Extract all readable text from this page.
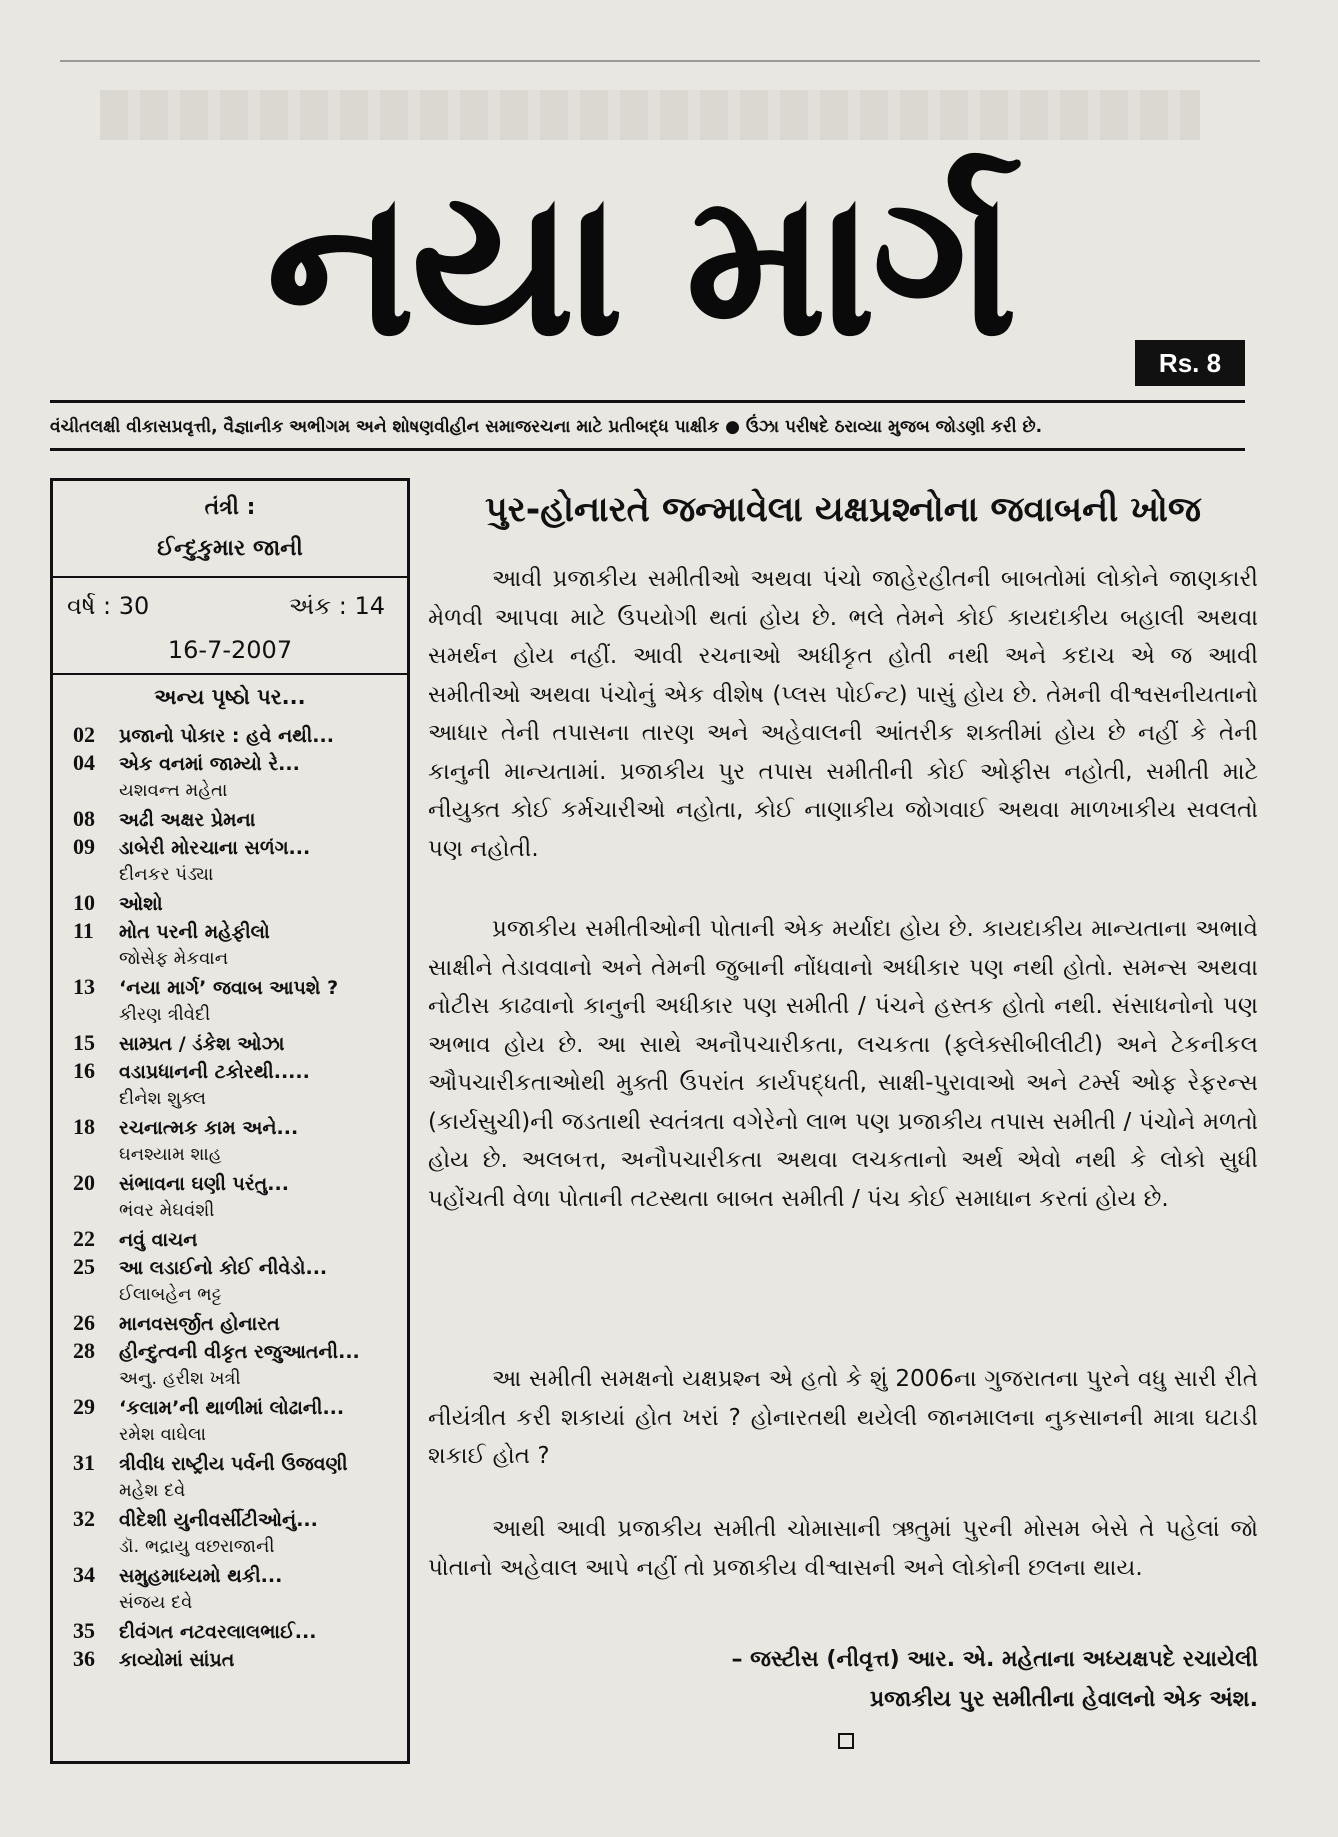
નયા માર્ગ	Rs. 8
વંચીતલક્ષી વીકાસપ્રવૃત્તી, વૈજ્ઞાનીક અભીગમ અને શોષણવીહીન સમાજરચના માટે પ્રતીબદ્ધ પાક્ષીક ● ઉંઝા પરીષદે ઠરાવ્યા મુજબ જોડણી કરી છે.
તંત્રી :
ઈન્દુકુમાર જાની
વર્ષ : 30	અંક : 14
16-7-2007
અન્ય પૃષ્ઠો પર...
02 પ્રજાનો પોકાર : હવે નથી...
04 એક વનમાં જામ્યો રે...
યશવન્ત મહેતા
08 અઢી અક્ષર પ્રેમના
09 ડાબેરી મોરચાના સળંગ...
દીનકર પંડ્યા
10 ઓશો
11 મોત પરની મહેફીલો
જોસેફ મેકવાન
13 ‘નયા માર્ગ’ જવાબ આપશે ?
કીરણ ત્રીવેદી
15 સામ્પ્રત / ડંકેશ ઓઝા
16 વડાપ્રધાનની ટકોરથી.....
દીનેશ શુક્લ
18 રચનાત્મક કામ અને...
ઘનશ્યામ શાહ
20 સંભાવના ઘણી પરંતુ...
ભંવર મેઘવંશી
22 નવું વાચન
25 આ લડાઈનો કોઈ નીવેડો...
ઈલાબહેન ભટ્ટ
26 માનવસર્જીત હોનારત
28 હીન્દુત્વની વીકૃત રજુઆતની...
અનુ. હરીશ ખત્રી
29 ‘કલામ’ની થાળીમાં લોઢાની...
રમેશ વાઘેલા
31 ત્રીવીધ રાષ્ટ્રીય પર્વની ઉજવણી
મહેશ દવે
32 વીદેશી યુનીવર્સીટીઓનું...
ડૉ. ભદ્રાયુ વછરાજાની
34 સમુહમાધ્યમો થકી...
સંજય દવે
35 દીવંગત નટવરલાલભાઈ...
36 કાવ્યોમાં સાંપ્રત
પુર-હોનારતે જન્માવેલા યક્ષપ્રશ્નોના જવાબની ખોજ
આવી પ્રજાકીય સમીતીઓ અથવા પંચો જાહેરહીતની બાબતોમાં લોકોને જાણકારી મેળવી આપવા માટે ઉપયોગી થતાં હોય છે. ભલે તેમને કોઈ કાયદાકીય બહાલી અથવા સમર્થન હોય નહીં. આવી રચનાઓ અધીકૃત હોતી નથી અને કદાચ એ જ આવી સમીતીઓ અથવા પંચોનું એક વીશેષ (પ્લસ પોઈન્ટ) પાસું હોય છે. તેમની વીશ્વસનીયતાનો આધાર તેની તપાસના તારણ અને અહેવાલની આંતરીક શક્તીમાં હોય છે નહીં કે તેની કાનુની માન્યતામાં. પ્રજાકીય પુર તપાસ સમીતીની કોઈ ઓફીસ નહોતી, સમીતી માટે નીયુક્ત કોઈ કર્મચારીઓ નહોતા, કોઈ નાણાકીય જોગવાઈ અથવા માળખાકીય સવલતો પણ નહોતી.
પ્રજાકીય સમીતીઓની પોતાની એક મર્યાદા હોય છે. કાયદાકીય માન્યતાના અભાવે સાક્ષીને તેડાવવાનો અને તેમની જુબાની નોંધવાનો અધીકાર પણ નથી હોતો. સમન્સ અથવા નોટીસ કાઢવાનો કાનુની અધીકાર પણ સમીતી / પંચને હસ્તક હોતો નથી. સંસાધનોનો પણ અભાવ હોય છે. આ સાથે અનૌપચારીકતા, લચકતા (ફ્લેક્સીબીલીટી) અને ટેકનીકલ ઔપચારીકતાઓથી મુક્તી ઉપરાંત કાર્યપદ્ધતી, સાક્ષી-પુરાવાઓ અને ટર્મ્સ ઓફ રેફરન્સ (કાર્યસુચી)ની જડતાથી સ્વતંત્રતા વગેરેનો લાભ પણ પ્રજાકીય તપાસ સમીતી / પંચોને મળતો હોય છે. અલબત્ત, અનૌપચારીકતા અથવા લચકતાનો અર્થ એવો નથી કે લોકો સુધી પહોંચતી વેળા પોતાની તટસ્થતા બાબત સમીતી / પંચ કોઈ સમાધાન કરતાં હોય છે.
આ સમીતી સમક્ષનો યક્ષપ્રશ્ન એ હતો કે શું 2006ના ગુજરાતના પુરને વધુ સારી રીતે નીયંત્રીત કરી શકાયાં હોત ખરાં ? હોનારતથી થયેલી જાનમાલના નુકસાનની માત્રા ઘટાડી શકાઈ હોત ?
આથી આવી પ્રજાકીય સમીતી ચોમાસાની ઋતુમાં પુરની મોસમ બેસે તે પહેલાં જો પોતાનો અહેવાલ આપે નહીં તો પ્રજાકીય વીશ્વાસની અને લોકોની છલના થાય.
– જસ્ટીસ (નીવૃત્ત) આર. એ. મહેતાના અધ્યક્ષપદે રચાયેલી
પ્રજાકીય પુર સમીતીના હેવાલનો એક અંશ.
